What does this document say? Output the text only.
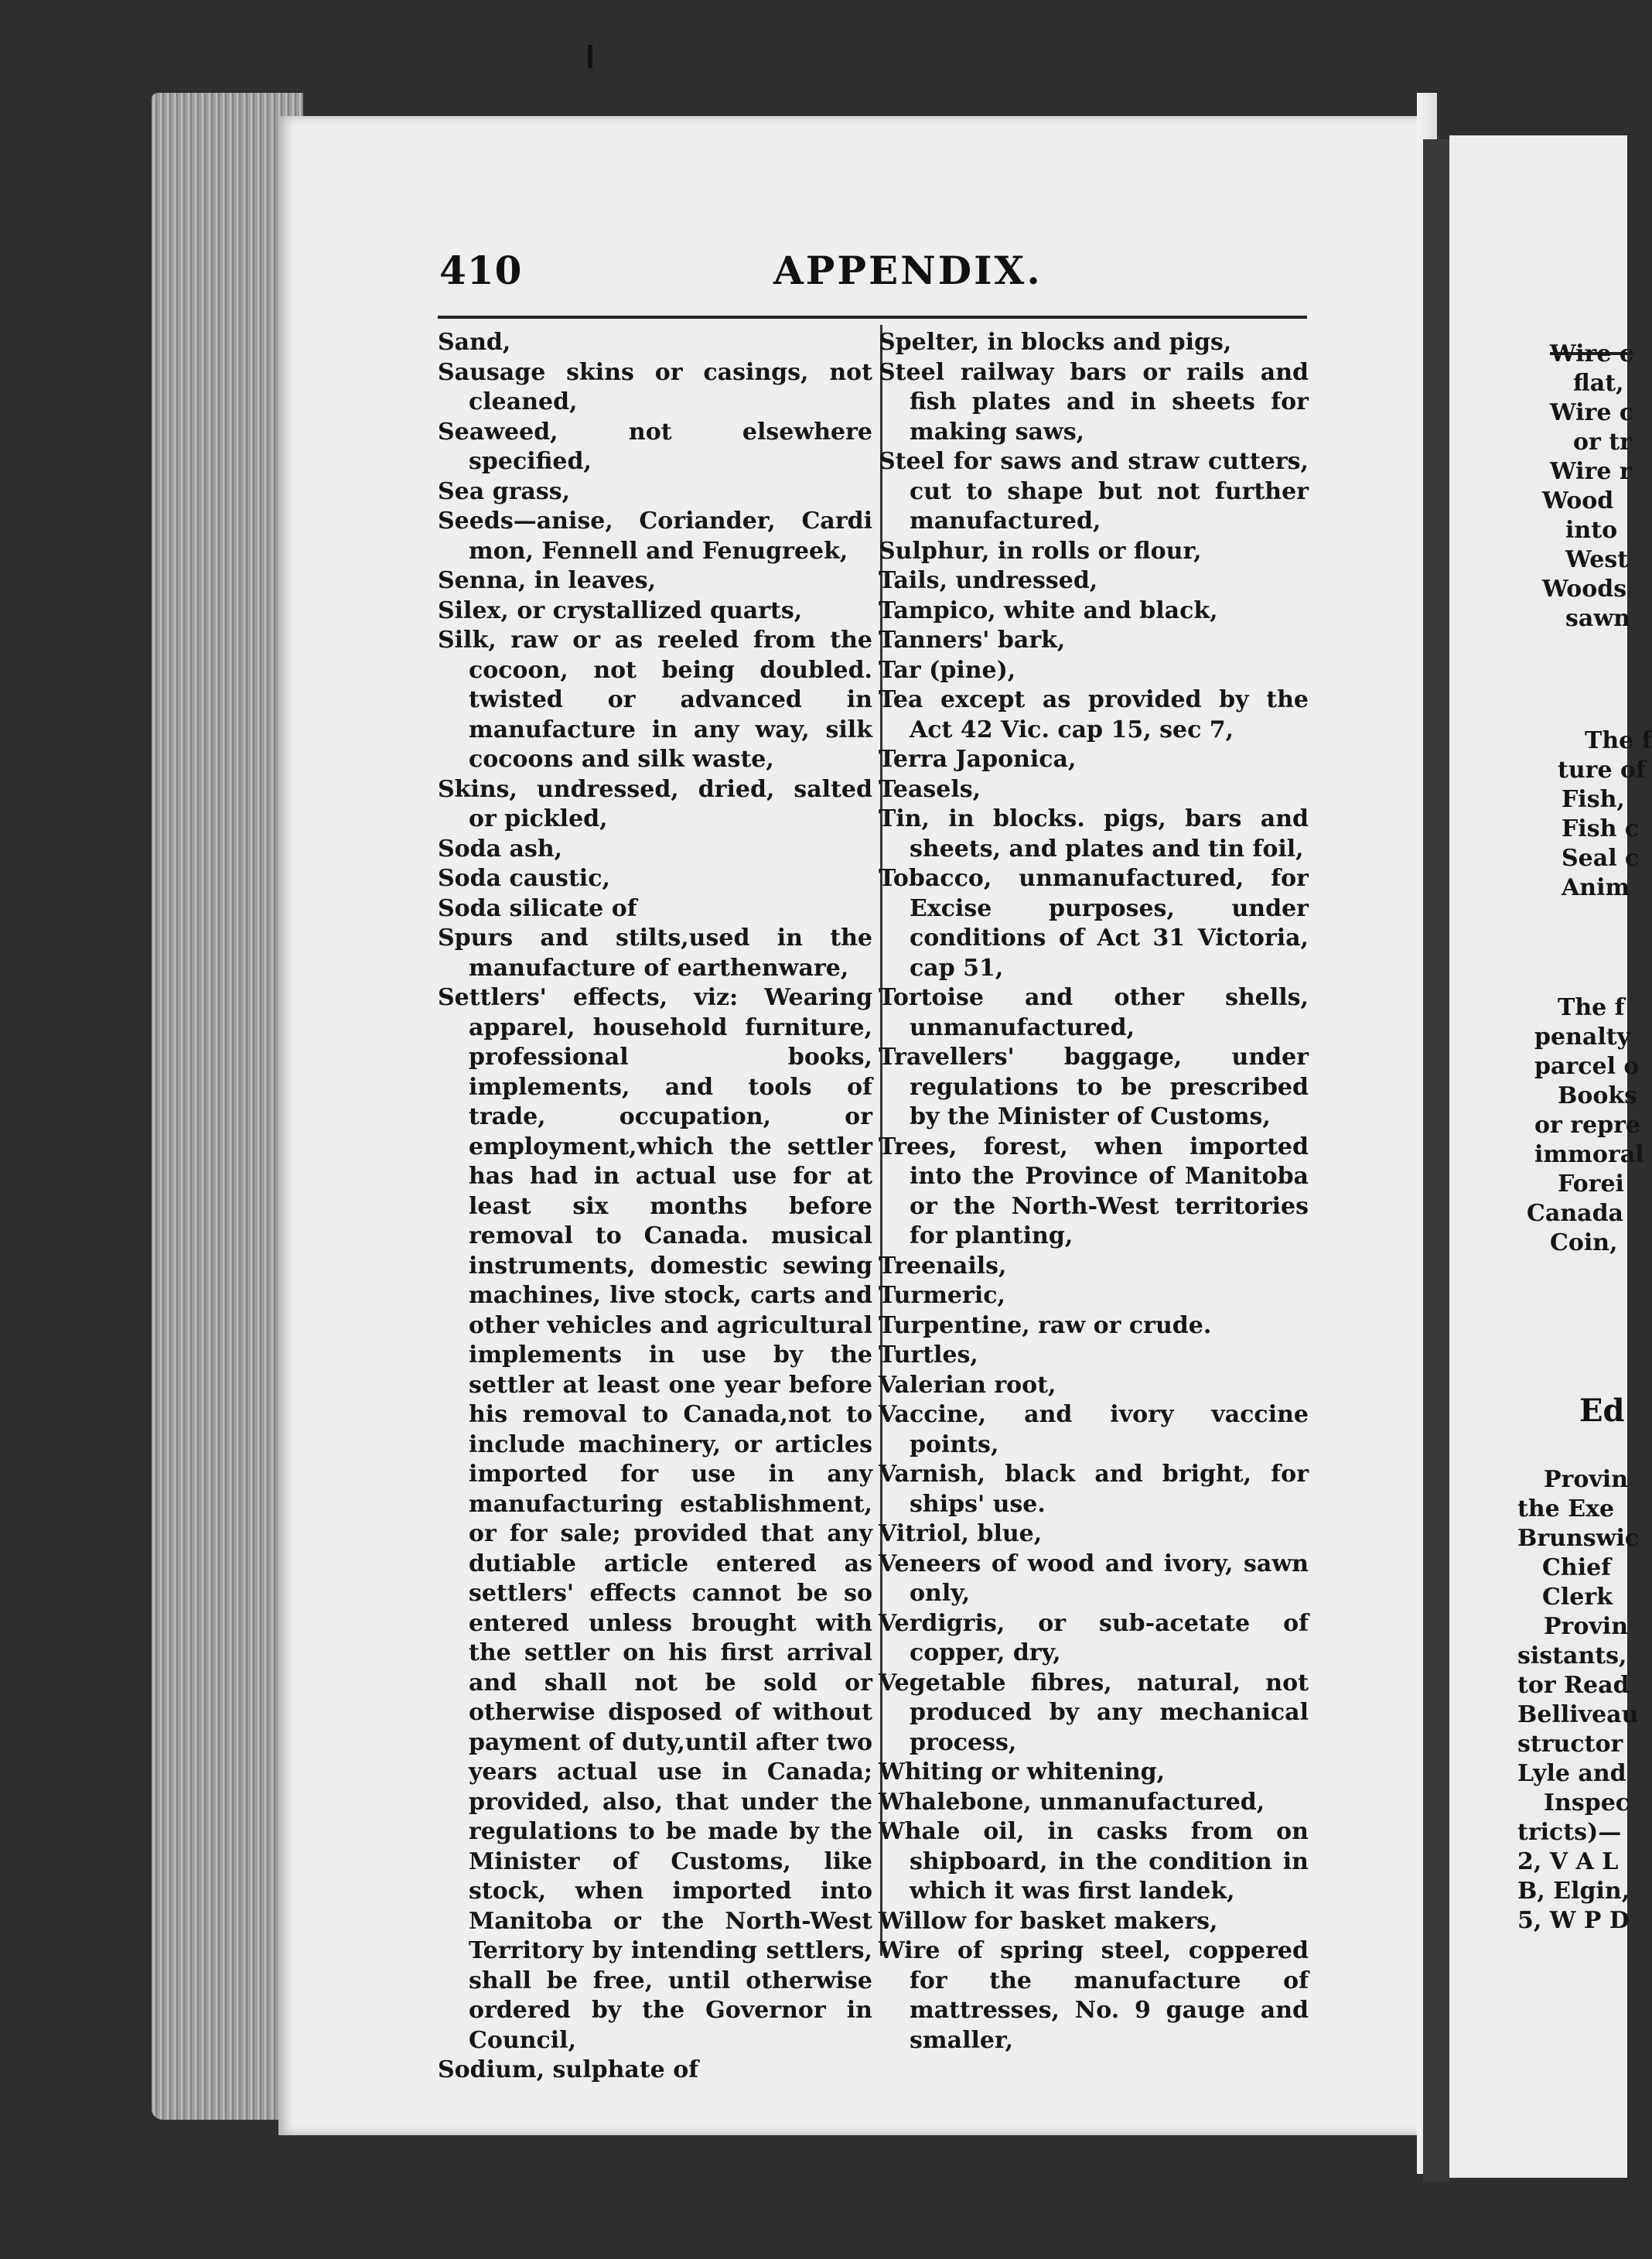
410	APPENDIX.

Sand,

Sausage skins or casings, not cleaned,

Seaweed, not elsewhere specified,

Sea grass,

Seeds—anise, Coriander, Cardi mon, Fennell and Fenugreek,

Senna, in leaves,

Silex, or crystallized quarts,

Silk, raw or as reeled from the cocoon, not being doubled. twisted or advanced in manufacture in any way, silk cocoons and silk waste,

Skins, undressed, dried, salted or pickled,

Soda ash,

Soda caustic,

Soda silicate of

Spurs and stilts,used in the manufacture of earthenware,

Settlers' effects, viz: Wearing apparel, household furniture, professional books, implements, and tools of trade, occupation, or employment,which the settler has had in actual use for at least six months before removal to Canada. musical instruments, domestic sewing machines, live stock, carts and other vehicles and agricultural implements in use by the settler at least one year before his removal to Canada,not to include machinery, or articles imported for use in any manufacturing establishment, or for sale; provided that any dutiable article entered as settlers' effects cannot be so entered unless brought with the settler on his first arrival and shall not be sold or otherwise disposed of without payment of duty,until after two years actual use in Canada; provided, also, that under the regulations to be made by the Minister of Customs, like stock, when imported into Manitoba or the North-West Territory by intending settlers, shall be free, until otherwise ordered by the Governor in Council,

Sodium, sulphate of

Spelter, in blocks and pigs,

Steel railway bars or rails and fish plates and in sheets for making saws,

Steel for saws and straw cutters, cut to shape but not further manufactured,

Sulphur, in rolls or flour,

Tails, undressed,

Tampico, white and black,

Tanners' bark,

Tar (pine),

Tea except as provided by the Act 42 Vic. cap 15, sec 7,

Terra Japonica,

Teasels,

Tin, in blocks. pigs, bars and sheets, and plates and tin foil,

Tobacco, unmanufactured, for Excise purposes, under conditions of Act 31 Victoria, cap 51,

Tortoise and other shells, unmanufactured,

Travellers' baggage, under regulations to be prescribed by the Minister of Customs,

Trees, forest, when imported into the Province of Manitoba or the North-West territories for planting,

Treenails,

Turmeric,

Turpentine, raw or crude.

Turtles,

Valerian root,

Vaccine, and ivory vaccine points,

Varnish, black and bright, for ships' use.

Vitriol, blue,

Veneers of wood and ivory, sawn only,

Verdigris, or sub-acetate of copper, dry,

Vegetable fibres, natural, not produced by any mechanical process,

Whiting or whitening,

Whalebone, unmanufactured,

Whale oil, in casks from on shipboard, in the condition in which it was first landek,

Willow for basket makers,

Wire of spring steel, coppered for the manufacture of mattresses, No. 9 gauge and smaller,

Wire c
flat,
Wire c
or tr
Wire r
Wood
into
West
Woods
sawn
The f
ture of
Fish,
Fish c
Seal c
Anim
The f
penalty
parcel o
Books
or repre
immoral
Forei
Canada
Coin,
Ed
Provin
the Exe
Brunswic
Chief
Clerk
Provin
sistants,
tor Read
Belliveau
structor
Lyle and
Inspec
tricts)—
2, V A L
B, Elgin,
5, W P D
